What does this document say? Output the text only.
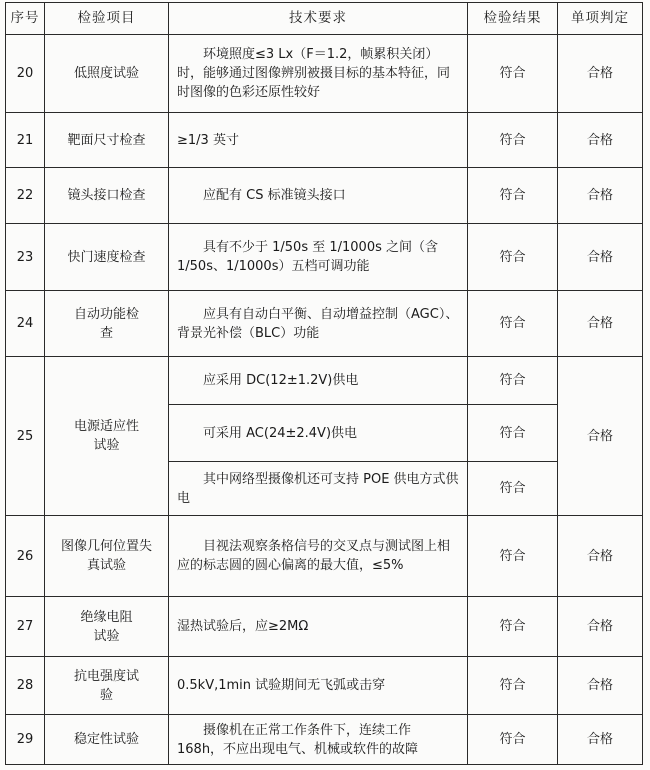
序号	检验项目	技术要求	检验结果	单项判定
20	低照度试验	环境照度≤3 Lx（F＝1.2，帧累积关闭）时，能够通过图像辨别被摄目标的基本特征，同时图像的色彩还原性较好	符合	合格
21	靶面尺寸检查	≥1/3 英寸	符合	合格
22	镜头接口检查	应配有 CS 标准镜头接口	符合	合格
23	快门速度检查	具有不少于 1/50s 至 1/1000s 之间（含 1/50s、1/1000s）五档可调功能	符合	合格
24	自动功能检查	应具有自动白平衡、自动增益控制（AGC）、背景光补偿（BLC）功能	符合	合格
25	电源适应性试验	应采用 DC(12±1.2V)供电	符合	合格
		可采用 AC(24±2.4V)供电	符合	
		其中网络型摄像机还可支持 POE 供电方式供电	符合	
26	图像几何位置失真试验	目视法观察条格信号的交叉点与测试图上相应的标志圆的圆心偏离的最大值，≤5%	符合	合格
27	绝缘电阻试验	湿热试验后，应≥2MΩ	符合	合格
28	抗电强度试验	0.5kV,1min 试验期间无飞弧或击穿	符合	合格
29	稳定性试验	摄像机在正常工作条件下，连续工作 168h，不应出现电气、机械或软件的故障	符合	合格
